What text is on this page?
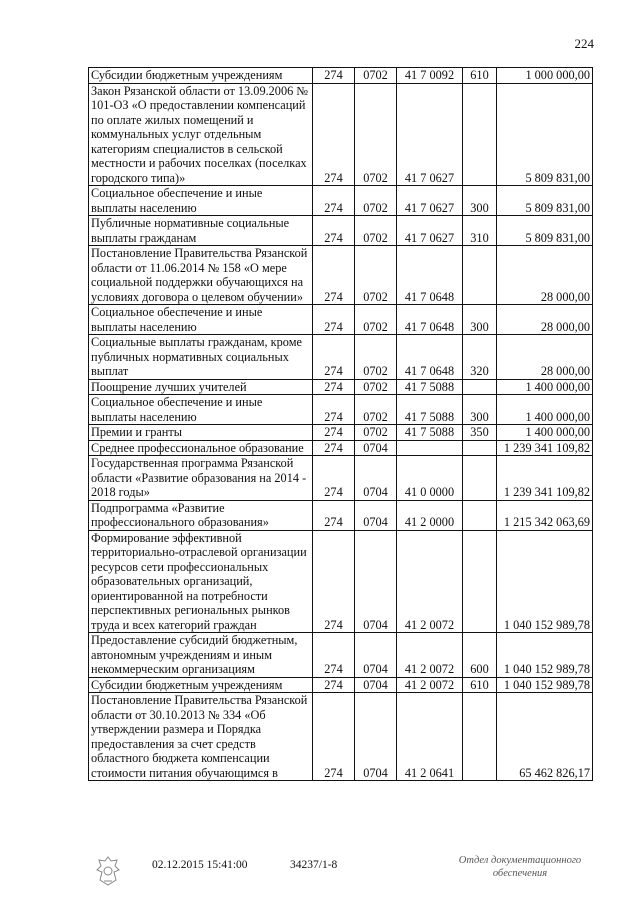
224
Субсидии бюджетным учреждениям	274	0702	41 7 0092	610	1 000 000,00
Закон Рязанской области от 13.09.2006 № 101-ОЗ «О предоставлении компенсаций по оплате жилых помещений и коммунальных услуг отдельным категориям специалистов в сельской местности и рабочих поселках (поселках городского типа)»	274	0702	41 7 0627		5 809 831,00
Социальное обеспечение и иные выплаты населению	274	0702	41 7 0627	300	5 809 831,00
Публичные нормативные социальные выплаты гражданам	274	0702	41 7 0627	310	5 809 831,00
Постановление Правительства Рязанской области от 11.06.2014 № 158 «О мере социальной поддержки обучающихся на условиях договора о целевом обучении»	274	0702	41 7 0648		28 000,00
Социальное обеспечение и иные выплаты населению	274	0702	41 7 0648	300	28 000,00
Социальные выплаты гражданам, кроме публичных нормативных социальных выплат	274	0702	41 7 0648	320	28 000,00
Поощрение лучших учителей	274	0702	41 7 5088		1 400 000,00
Социальное обеспечение и иные выплаты населению	274	0702	41 7 5088	300	1 400 000,00
Премии и гранты	274	0702	41 7 5088	350	1 400 000,00
Среднее профессиональное образование	274	0704			1 239 341 109,82
Государственная программа Рязанской области «Развитие образования на 2014 - 2018 годы»	274	0704	41 0 0000		1 239 341 109,82
Подпрограмма «Развитие профессионального образования»	274	0704	41 2 0000		1 215 342 063,69
Формирование эффективной территориально-отраслевой организации ресурсов сети профессиональных образовательных организаций, ориентированной на потребности перспективных региональных рынков труда и всех категорий граждан	274	0704	41 2 0072		1 040 152 989,78
Предоставление субсидий бюджетным, автономным учреждениям и иным некоммерческим организациям	274	0704	41 2 0072	600	1 040 152 989,78
Субсидии бюджетным учреждениям	274	0704	41 2 0072	610	1 040 152 989,78
Постановление Правительства Рязанской области от 30.10.2013 № 334 «Об утверждении размера и Порядка предоставления за счет средств областного бюджета компенсации стоимости питания обучающимся в	274	0704	41 2 0641		65 462 826,17
02.12.2015 15:41:00	34237/1-8	Отдел документационного
обеспечения
